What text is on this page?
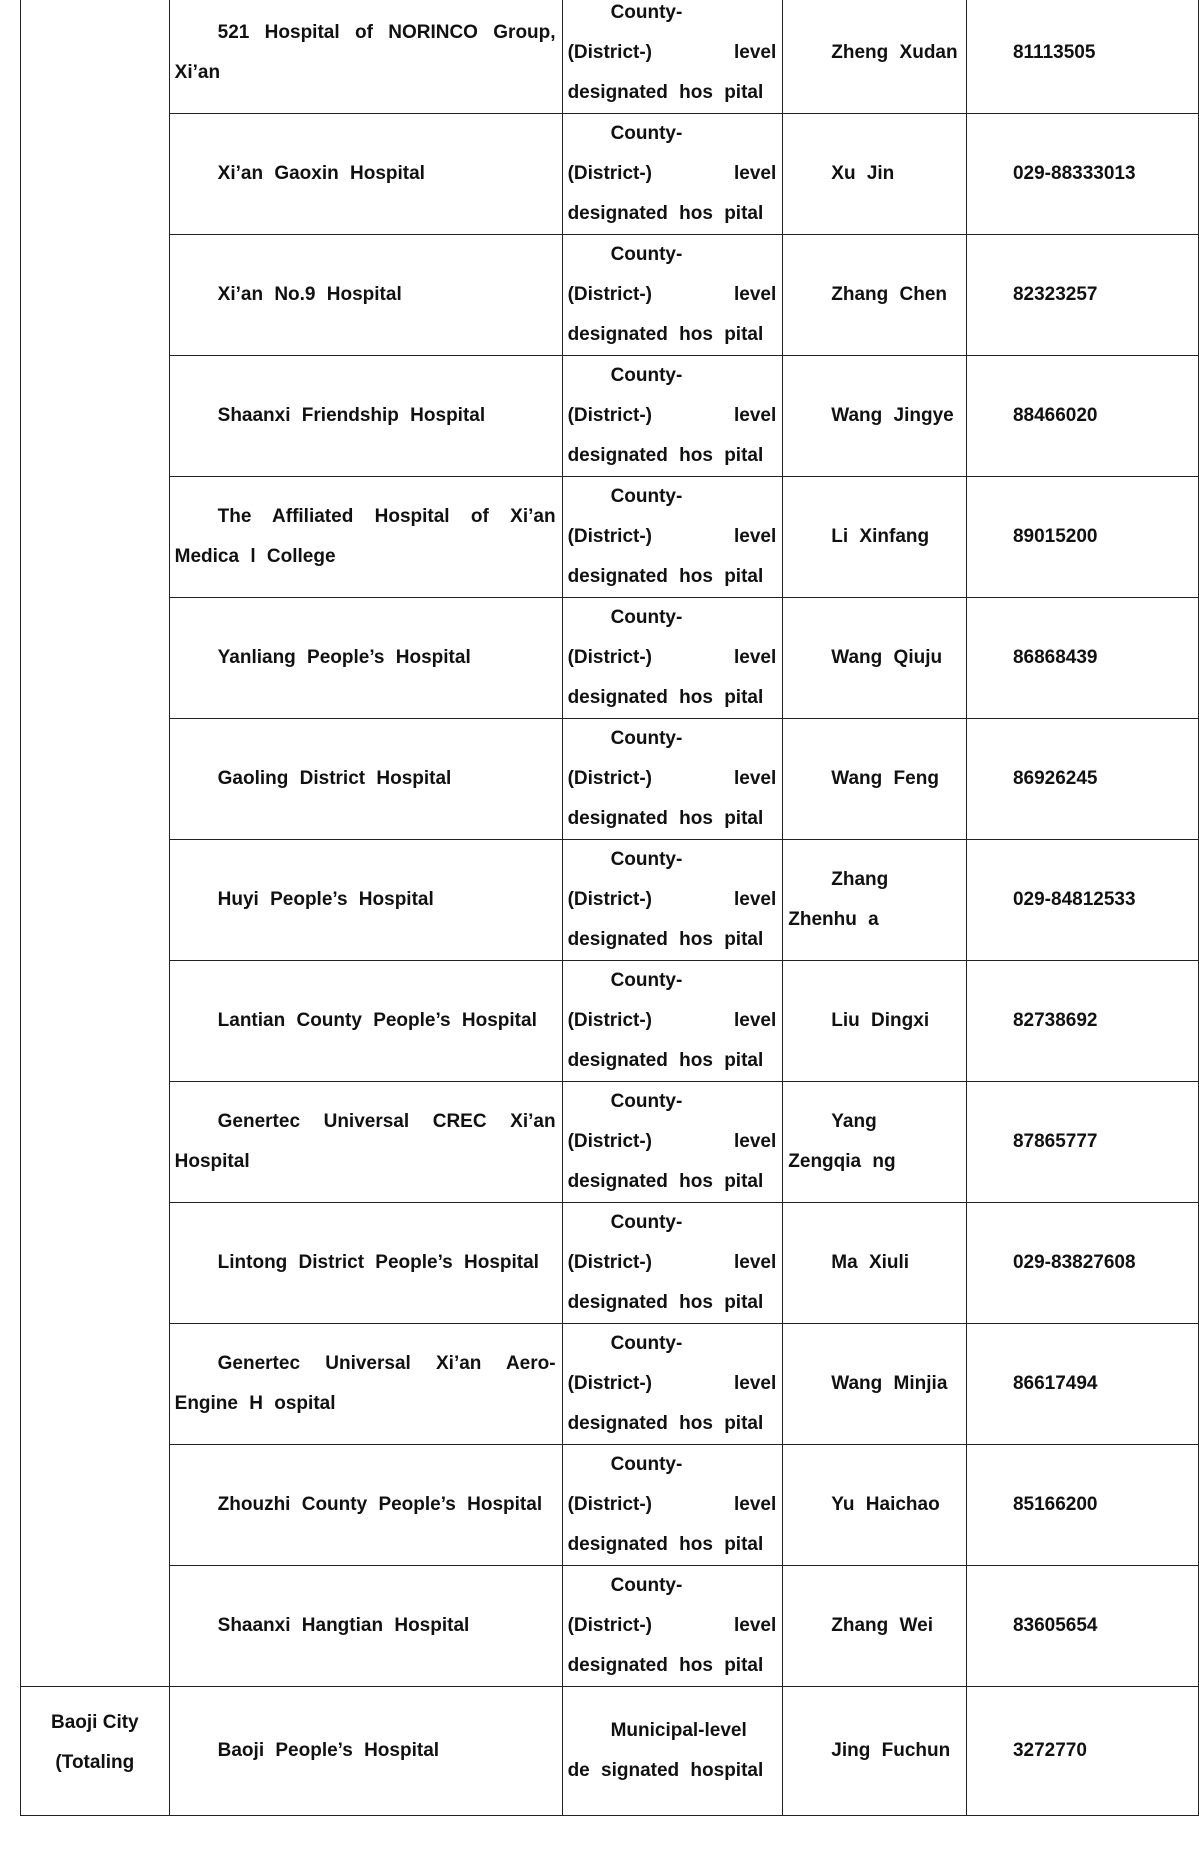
	521 Hospital of NORINCO Group, Xi’an	County- (District-) level designated hos pital	Zheng Xudan	81113505
	Xi’an Gaoxin Hospital	County- (District-) level designated hos pital	Xu Jin	029-88333013
	Xi’an No.9 Hospital	County- (District-) level designated hos pital	Zhang Chen	82323257
	Shaanxi Friendship Hospital	County- (District-) level designated hos pital	Wang Jingye	88466020
	The Affiliated Hospital of Xi’an Medica l College	County- (District-) level designated hos pital	Li Xinfang	89015200
	Yanliang People’s Hospital	County- (District-) level designated hos pital	Wang Qiuju	86868439
	Gaoling District Hospital	County- (District-) level designated hos pital	Wang Feng	86926245
	Huyi People’s Hospital	County- (District-) level designated hos pital	Zhang Zhenhu a	029-84812533
	Lantian County People’s Hospital	County- (District-) level designated hos pital	Liu Dingxi	82738692
	Genertec Universal CREC Xi’an Hospital	County- (District-) level designated hos pital	Yang Zengqia ng	87865777
	Lintong District People’s Hospital	County- (District-) level designated hos pital	Ma Xiuli	029-83827608
	Genertec Universal Xi’an Aero-Engine H ospital	County- (District-) level designated hos pital	Wang Minjia	86617494
	Zhouzhi County People’s Hospital	County- (District-) level designated hos pital	Yu Haichao	85166200
	Shaanxi Hangtian Hospital	County- (District-) level designated hos pital	Zhang Wei	83605654
Baoji City (Totaling	Baoji People’s Hospital	Municipal-level de signated hospital	Jing Fuchun	3272770
